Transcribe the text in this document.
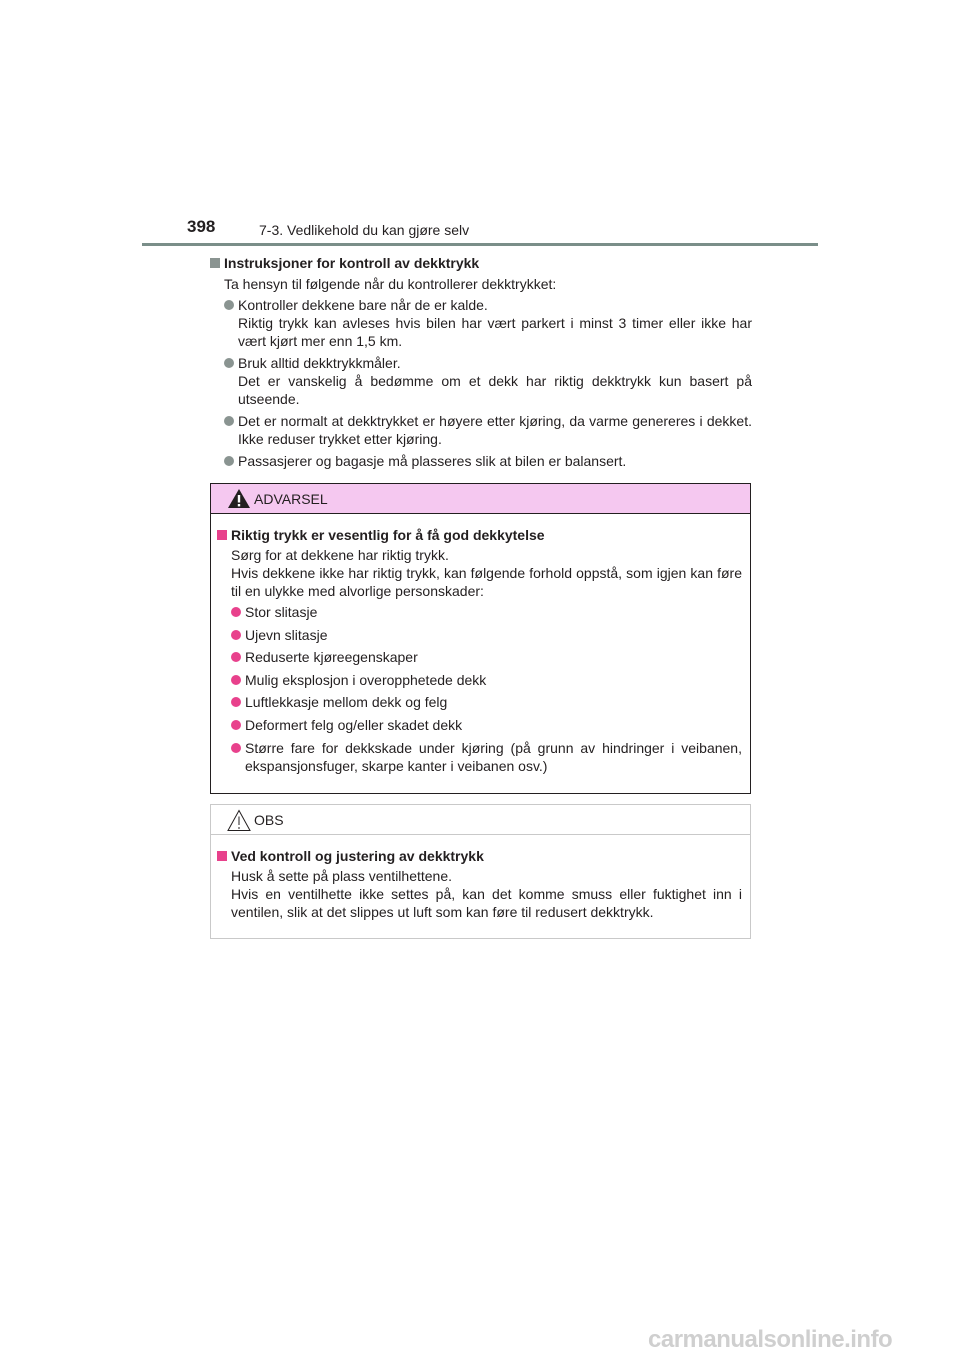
398	7-3. Vedlikehold du kan gjøre selv
Instruksjoner for kontroll av dekktrykk
Ta hensyn til følgende når du kontrollerer dekktrykket:
Kontroller dekkene bare når de er kalde.
Riktig trykk kan avleses hvis bilen har vært parkert i minst 3 timer eller ikke har vært kjørt mer enn 1,5 km.
Bruk alltid dekktrykkmåler.
Det er vanskelig å bedømme om et dekk har riktig dekktrykk kun basert på utseende.
Det er normalt at dekktrykket er høyere etter kjøring, da varme genereres i dekket. Ikke reduser trykket etter kjøring.
Passasjerer og bagasje må plasseres slik at bilen er balansert.
ADVARSEL
Riktig trykk er vesentlig for å få god dekkytelse
Sørg for at dekkene har riktig trykk.
Hvis dekkene ikke har riktig trykk, kan følgende forhold oppstå, som igjen kan føre til en ulykke med alvorlige personskader:
Stor slitasje
Ujevn slitasje
Reduserte kjøreegenskaper
Mulig eksplosjon i overopphetede dekk
Luftlekkasje mellom dekk og felg
Deformert felg og/eller skadet dekk
Større fare for dekkskade under kjøring (på grunn av hindringer i veibanen, ekspansjonsfuger, skarpe kanter i veibanen osv.)
OBS
Ved kontroll og justering av dekktrykk
Husk å sette på plass ventilhettene.
Hvis en ventilhette ikke settes på, kan det komme smuss eller fuktighet inn i ventilen, slik at det slippes ut luft som kan føre til redusert dekktrykk.
carmanualsonline.info
